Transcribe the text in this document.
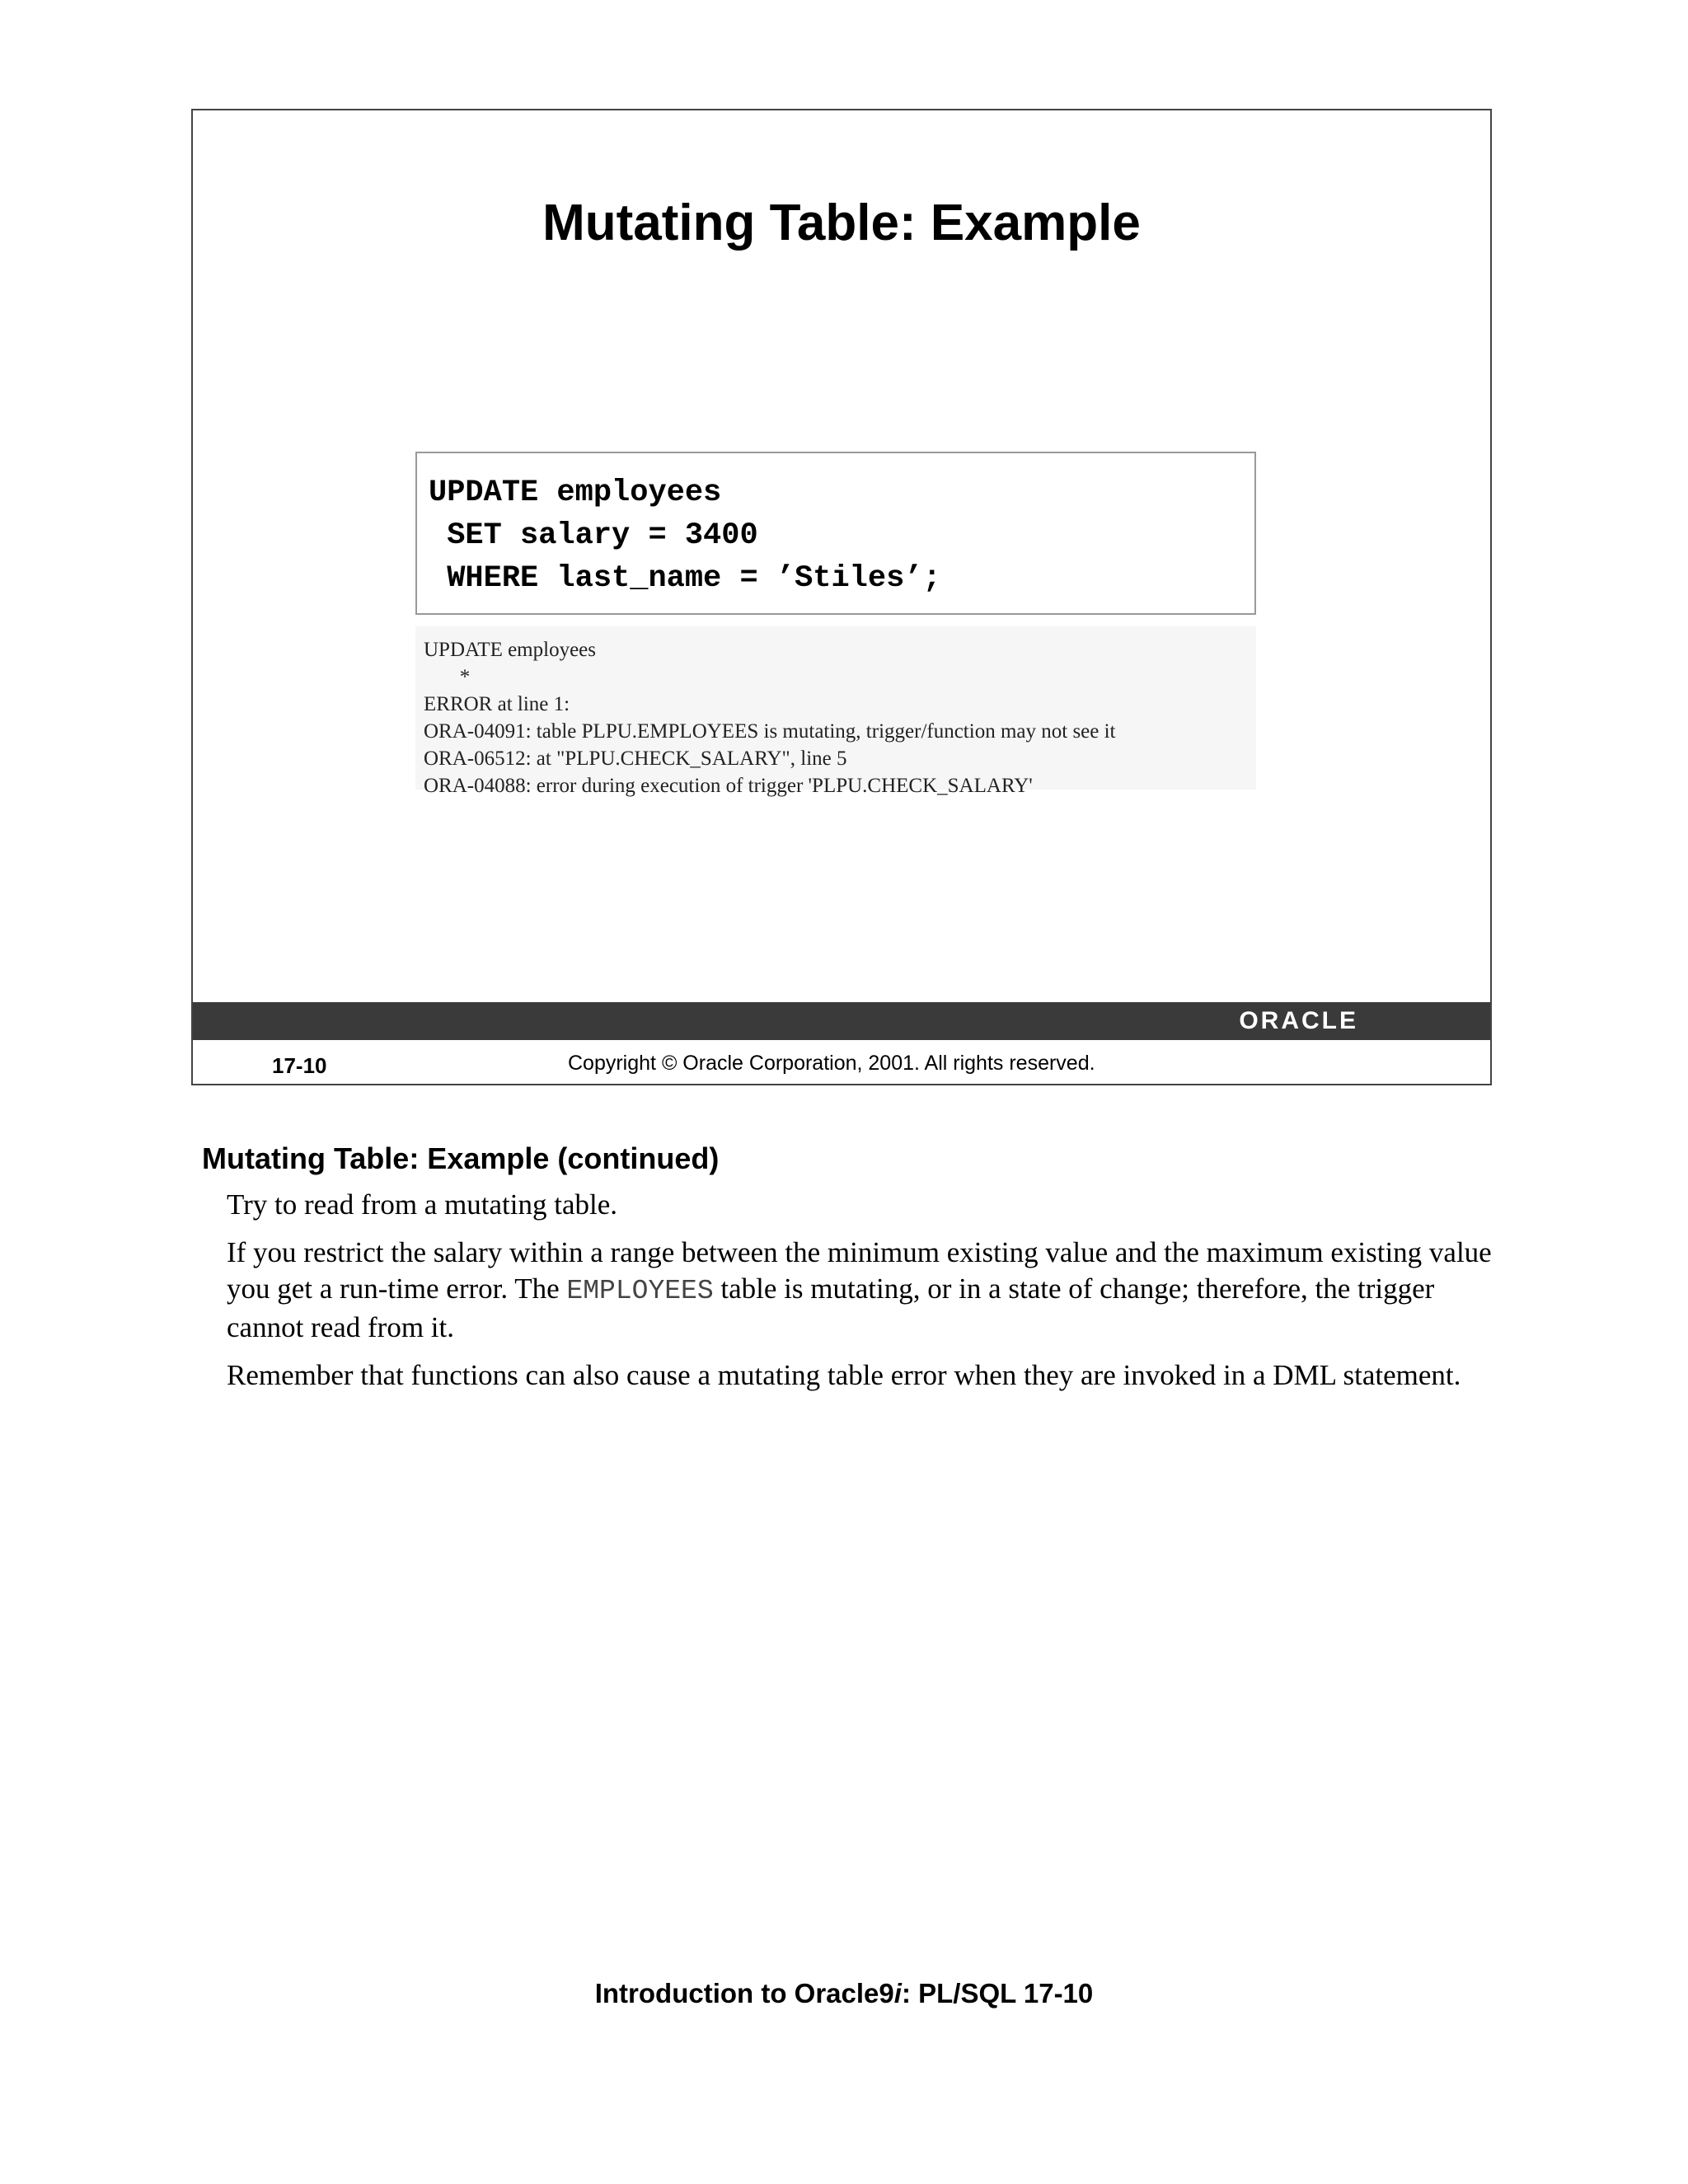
Mutating Table: Example
UPDATE employees
SET salary = 3400
WHERE last_name = ’Stiles’;
UPDATE employees
*
ERROR at line 1:
ORA-04091: table PLPU.EMPLOYEES is mutating, trigger/function may not see it
ORA-06512: at "PLPU.CHECK_SALARY", line 5
ORA-04088: error during execution of trigger 'PLPU.CHECK_SALARY'
ORACLE
17-10	Copyright © Oracle Corporation, 2001. All rights reserved.
Mutating Table: Example (continued)

Try to read from a mutating table.

If you restrict the salary within a range between the minimum existing value and the maximum existing value you get a run-time error. The EMPLOYEES table is mutating, or in a state of change; therefore, the trigger cannot read from it.

Remember that functions can also cause a mutating table error when they are invoked in a DML statement.

Introduction to Oracle9i: PL/SQL 17-10
